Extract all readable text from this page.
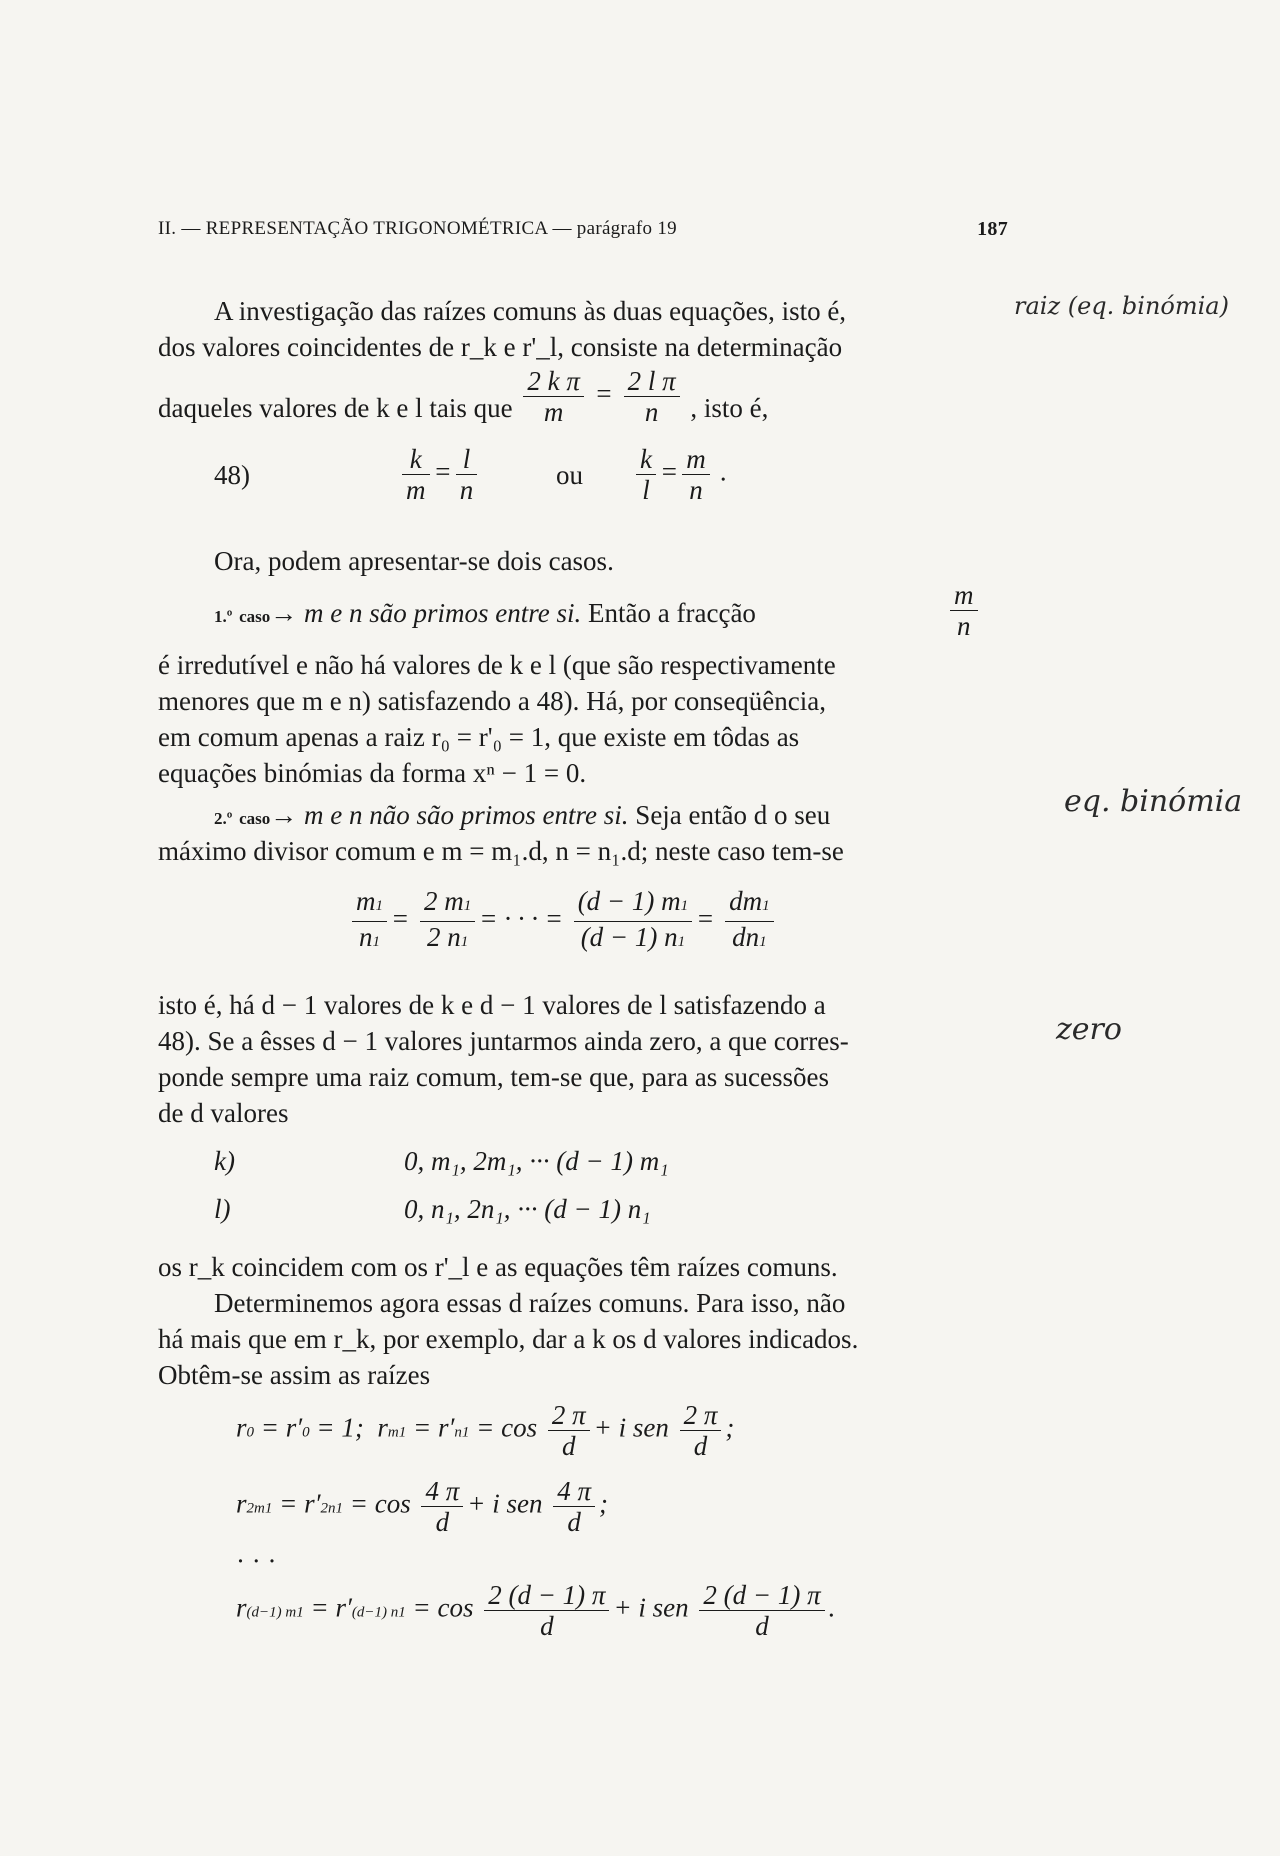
II. — REPRESENTAÇÃO TRIGONOMÉTRICA — parágrafo 19	187
A investigação das raízes comuns às duas equações, isto é,
dos valores coincidentes de r_k e r'_l, consiste na determinação
daqueles valores de k e l tais que $\frac{\text{2 k π}}{m} = \frac{\text{2 l π}}{n}$ , isto é,
48)	$\frac{k}{m} = \frac{l}{n}$	ou $\frac{k}{l} = \frac{m}{n}$ .
Ora, podem apresentar-se dois casos.
1.º caso→ m e n são primos entre si. Então a fracção	$\frac{m}{n}$
é irredutível e não há valores de k e l (que são respectivamente
menores que m e n) satisfazendo a 48). Há, por conseqüência,
em comum apenas a raiz r₀ = r'₀ = 1, que existe em tôdas as
equações binómias da forma xⁿ − 1 = 0.
2.º caso→ m e n não são primos entre si. Seja então d o seu
máximo divisor comum e m = m₁.d, n = n₁.d; neste caso tem-se
$\frac{m1}{n1} = \frac{2 m1}{2 n1}$ = · · · = $\frac{(d - 1) m1}{(d - 1) n1} = \frac{dm1}{dn1}$
isto é, há d − 1 valores de k e d − 1 valores de l satisfazendo a
48). Se a êsses d − 1 valores juntarmos ainda zero, a que corres-
ponde sempre uma raiz comum, tem-se que, para as sucessões
de d valores
k)	0, m₁, 2m₁, ··· (d − 1) m₁
l)	0, n₁, 2n₁, ··· (d − 1) n₁
os r_k coincidem com os r'_l e as equações têm raízes comuns.
Determinemos agora essas d raízes comuns. Para isso, não
há mais que em r_k, por exemplo, dar a k os d valores indicados.
Obtêm-se assim as raízes
r0 = r′0 = 1;  $rm1 = r'n1 = \cos \frac{2 \pi}{d} + i$ sen $\frac{2 \pi}{d}$ ;
$r2m1 = r'2n1 = \cos \frac{4 \pi}{d} + i$ sen $\frac{4 \pi}{d}$ ;
· · ·
r(d−1) m1 = r′(d−1) $n1 = \cos \frac{2 (d - 1) \pi}{d} + i$ sen $\frac{2 (d - 1) \pi}{d}$ .
raiz (eq. binómia)
eq. binómia
zero
